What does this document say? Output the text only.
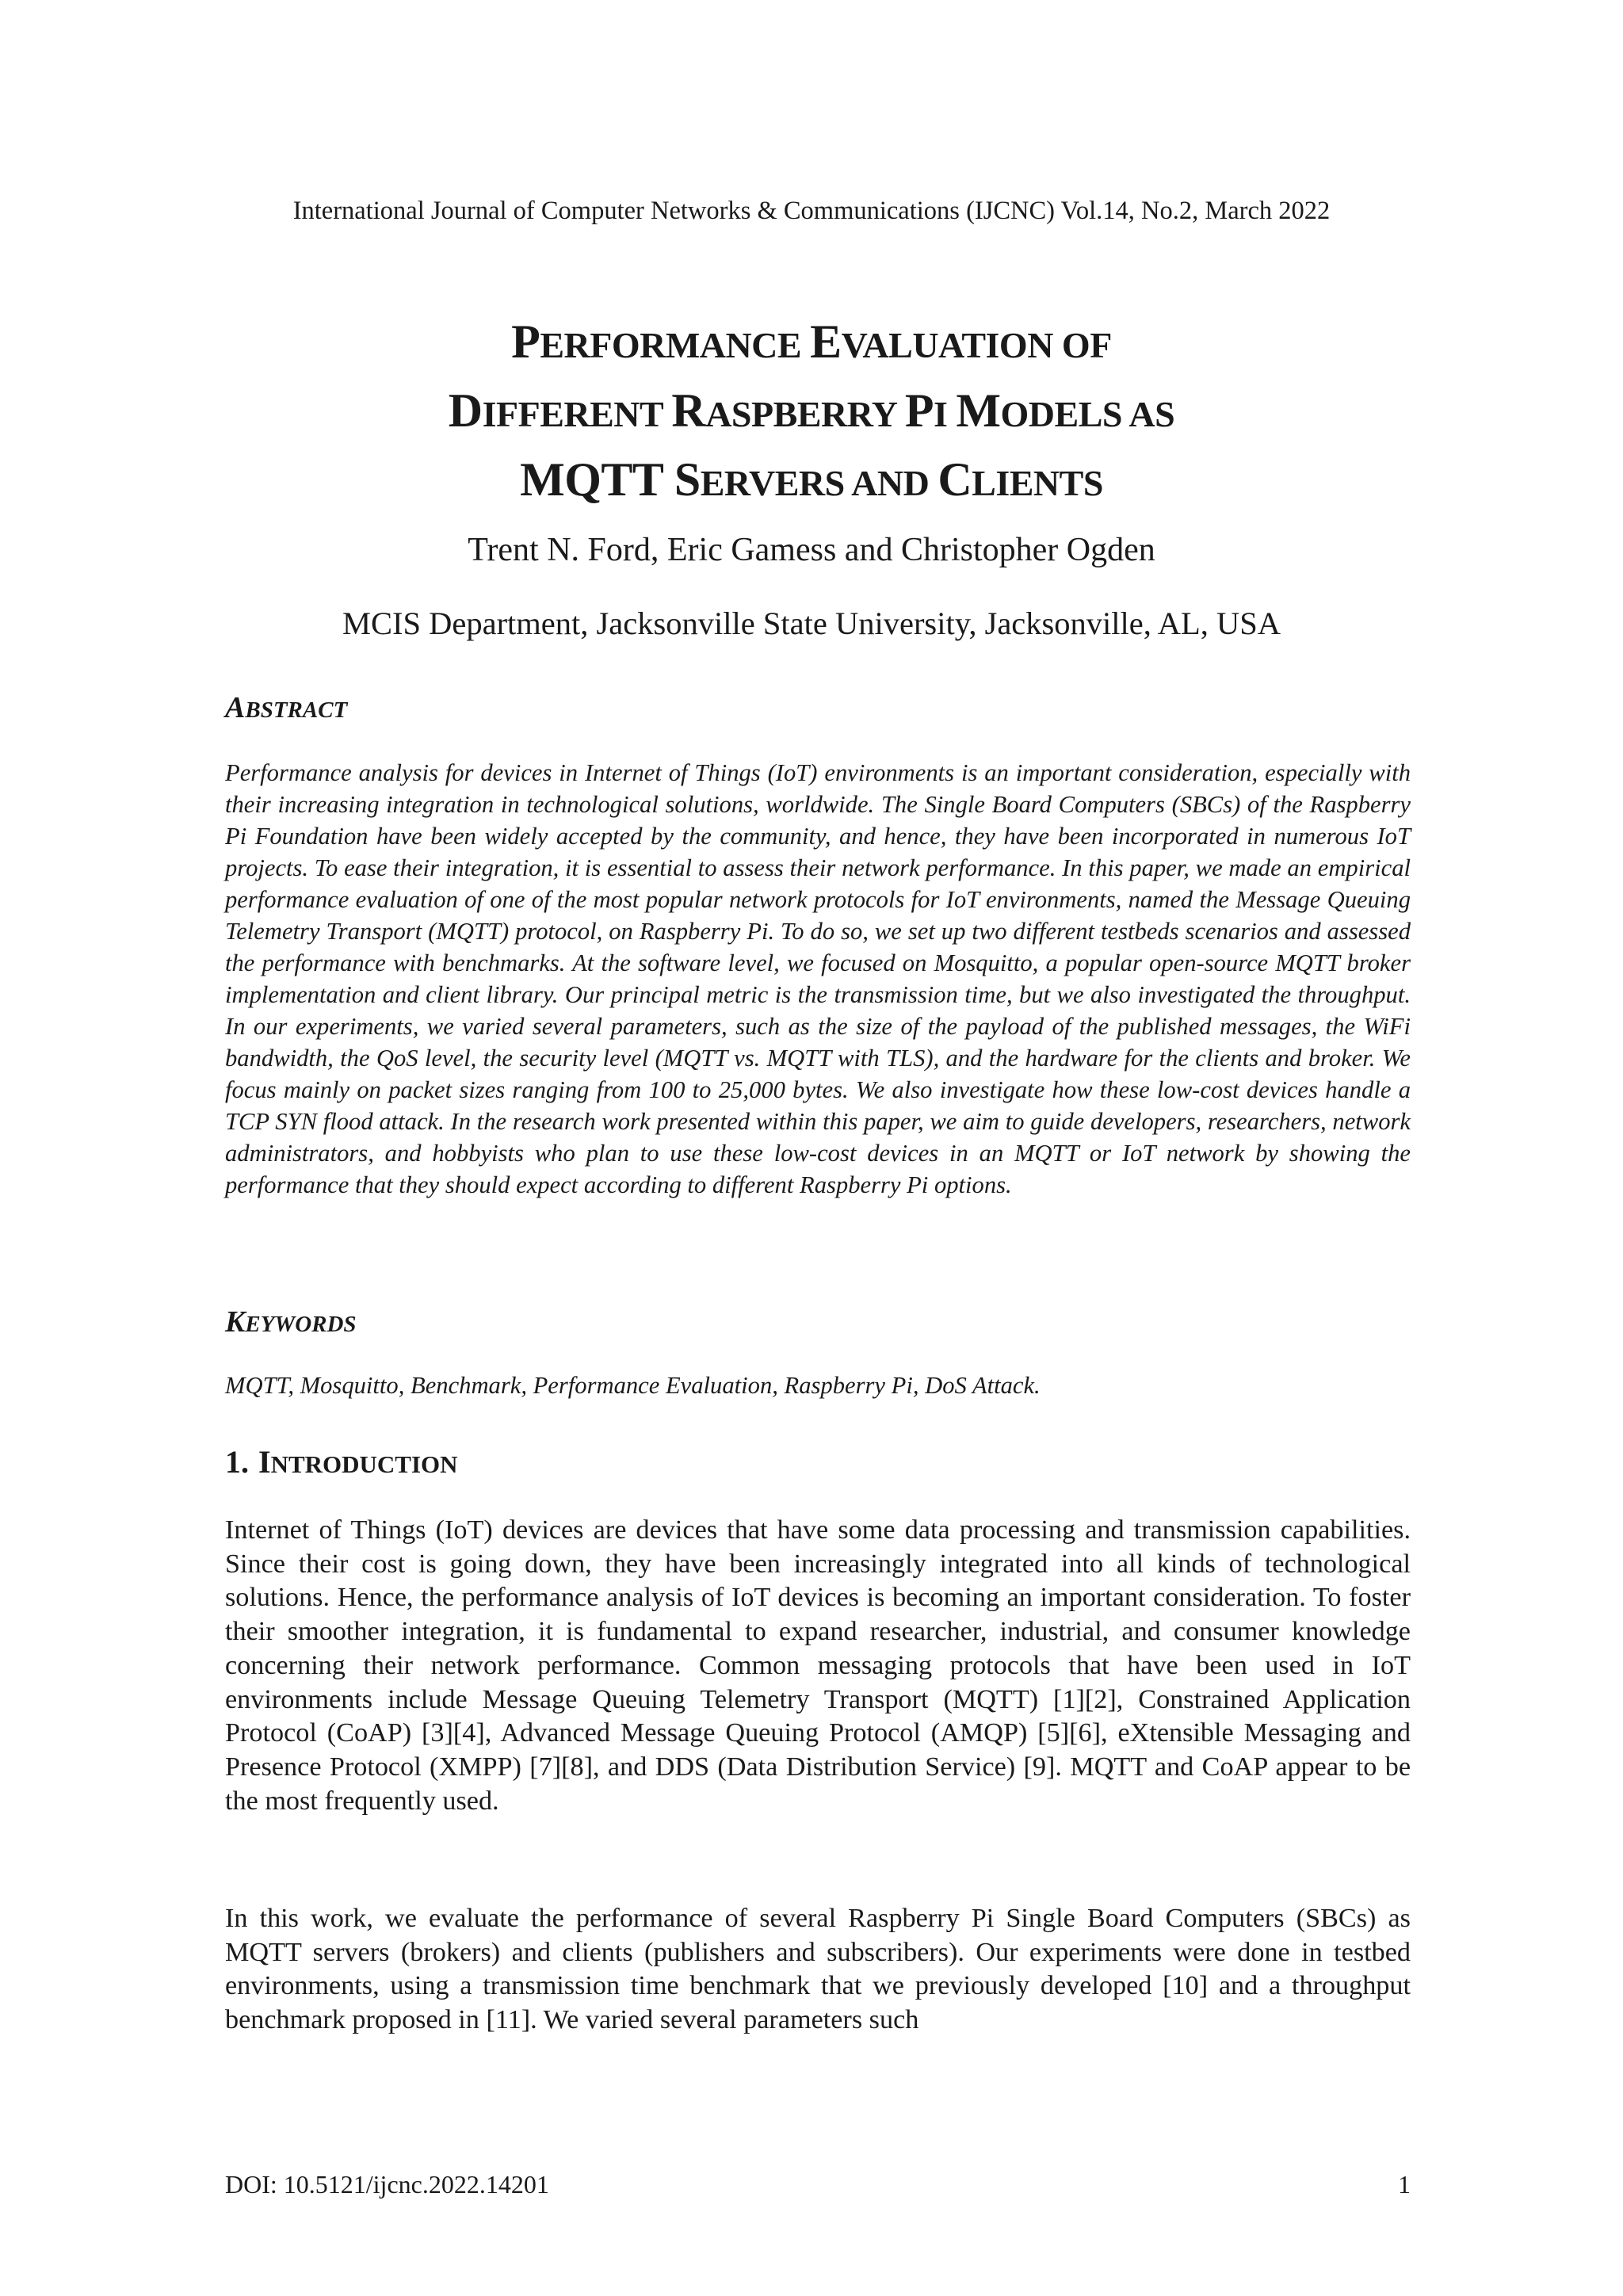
International Journal of Computer Networks & Communications (IJCNC) Vol.14, No.2, March 2022
PERFORMANCE EVALUATION OF
DIFFERENT RASPBERRY PI MODELS AS
MQTT SERVERS AND CLIENTS
Trent N. Ford, Eric Gamess and Christopher Ogden
MCIS Department, Jacksonville State University, Jacksonville, AL, USA
ABSTRACT

Performance analysis for devices in Internet of Things (IoT) environments is an important consideration, especially with their increasing integration in technological solutions, worldwide. The Single Board Computers (SBCs) of the Raspberry Pi Foundation have been widely accepted by the community, and hence, they have been incorporated in numerous IoT projects. To ease their integration, it is essential to assess their network performance. In this paper, we made an empirical performance evaluation of one of the most popular network protocols for IoT environments, named the Message Queuing Telemetry Transport (MQTT) protocol, on Raspberry Pi. To do so, we set up two different testbeds scenarios and assessed the performance with benchmarks. At the software level, we focused on Mosquitto, a popular open-source MQTT broker implementation and client library. Our principal metric is the transmission time, but we also investigated the throughput. In our experiments, we varied several parameters, such as the size of the payload of the published messages, the WiFi bandwidth, the QoS level, the security level (MQTT vs. MQTT with TLS), and the hardware for the clients and broker. We focus mainly on packet sizes ranging from 100 to 25,000 bytes. We also investigate how these low-cost devices handle a TCP SYN flood attack. In the research work presented within this paper, we aim to guide developers, researchers, network administrators, and hobbyists who plan to use these low-cost devices in an MQTT or IoT network by showing the performance that they should expect according to different Raspberry Pi options.

KEYWORDS

MQTT, Mosquitto, Benchmark, Performance Evaluation, Raspberry Pi, DoS Attack.

1. INTRODUCTION

Internet of Things (IoT) devices are devices that have some data processing and transmission capabilities. Since their cost is going down, they have been increasingly integrated into all kinds of technological solutions. Hence, the performance analysis of IoT devices is becoming an important consideration. To foster their smoother integration, it is fundamental to expand researcher, industrial, and consumer knowledge concerning their network performance. Common messaging protocols that have been used in IoT environments include Message Queuing Telemetry Transport (MQTT) [1][2], Constrained Application Protocol (CoAP) [3][4], Advanced Message Queuing Protocol (AMQP) [5][6], eXtensible Messaging and Presence Protocol (XMPP) [7][8], and DDS (Data Distribution Service) [9]. MQTT and CoAP appear to be the most frequently used.

In this work, we evaluate the performance of several Raspberry Pi Single Board Computers (SBCs) as MQTT servers (brokers) and clients (publishers and subscribers). Our experiments were done in testbed environments, using a transmission time benchmark that we previously developed [10] and a throughput benchmark proposed in [11]. We varied several parameters such

DOI: 10.5121/ijcnc.2022.14201	1
